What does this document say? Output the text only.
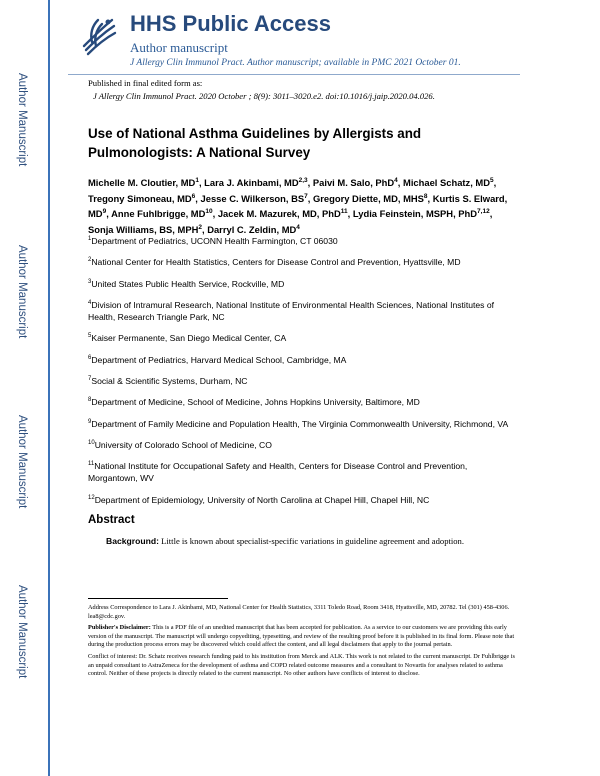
Author Manuscript
Author Manuscript
Author Manuscript
Author Manuscript
HHS Public Access
Author manuscript
J Allergy Clin Immunol Pract. Author manuscript; available in PMC 2021 October 01.
Published in final edited form as:
J Allergy Clin Immunol Pract. 2020 October ; 8(9): 3011–3020.e2. doi:10.1016/j.jaip.2020.04.026.
Use of National Asthma Guidelines by Allergists and Pulmonologists: A National Survey
Michelle M. Cloutier, $MD^1$, Lara J. Akinbami, MD$^{2,3}$, Paivi M. Salo, PhD$^4$, Michael Schatz, $MD^5$, Tregony Simoneau, $MD^6$, Jesse C. Wilkerson, $BS^7$, Gregory Diette, MD, MHS$^8$, Kurtis S. Elward, $MD^9$, Anne Fuhlbrigge, MD$^{10}$, Jacek M. Mazurek, MD, PhD$^{11}$, Lydia Feinstein, MSPH, PhD$^{7,12}$, Sonja Williams, BS, MPH$^2$, Darryl C. Zeldin, $MD^4$
$^1$Department of Pediatrics, UCONN Health Farmington, CT 06030
$^2$National Center for Health Statistics, Centers for Disease Control and Prevention, Hyattsville, MD
$^3$United States Public Health Service, Rockville, MD
$^4$Division of Intramural Research, National Institute of Environmental Health Sciences, National Institutes of Health, Research Triangle Park, NC
$^5$Kaiser Permanente, San Diego Medical Center, CA
$^6$Department of Pediatrics, Harvard Medical School, Cambridge, MA
$^7$Social & Scientific Systems, Durham, NC
$^8$Department of Medicine, School of Medicine, Johns Hopkins University, Baltimore, MD
$^9$Department of Family Medicine and Population Health, The Virginia Commonwealth University, Richmond, VA
$^{10}$University of Colorado School of Medicine, CO
$^{11}$National Institute for Occupational Safety and Health, Centers for Disease Control and Prevention, Morgantown, WV
$^{12}$Department of Epidemiology, University of North Carolina at Chapel Hill, Chapel Hill, NC
Abstract
Background: Little is known about specialist-specific variations in guideline agreement and adoption.

Address Correspondence to Lara J. Akinbami, MD, National Center for Health Statistics, 3311 Toledo Road, Room 3418, Hyattsville, MD, 20782. Tel (301) 458-4306. lea8@cdc.gov.

Publisher's Disclaimer: This is a PDF file of an unedited manuscript that has been accepted for publication. As a service to our customers we are providing this early version of the manuscript. The manuscript will undergo copyediting, typesetting, and review of the resulting proof before it is published in its final form. Please note that during the production process errors may be discovered which could affect the content, and all legal disclaimers that apply to the journal pertain.

Conflict of interest: Dr. Schatz receives research funding paid to his institution from Merck and ALK. This work is not related to the current manuscript. Dr Fuhlbrigge is an unpaid consultant to AstraZeneca for the development of asthma and COPD related outcome measures and a consultant to Novartis for analyses related to asthma control. Neither of these projects is directly related to the current manuscript. No other authors have conflicts of interest to disclose.
